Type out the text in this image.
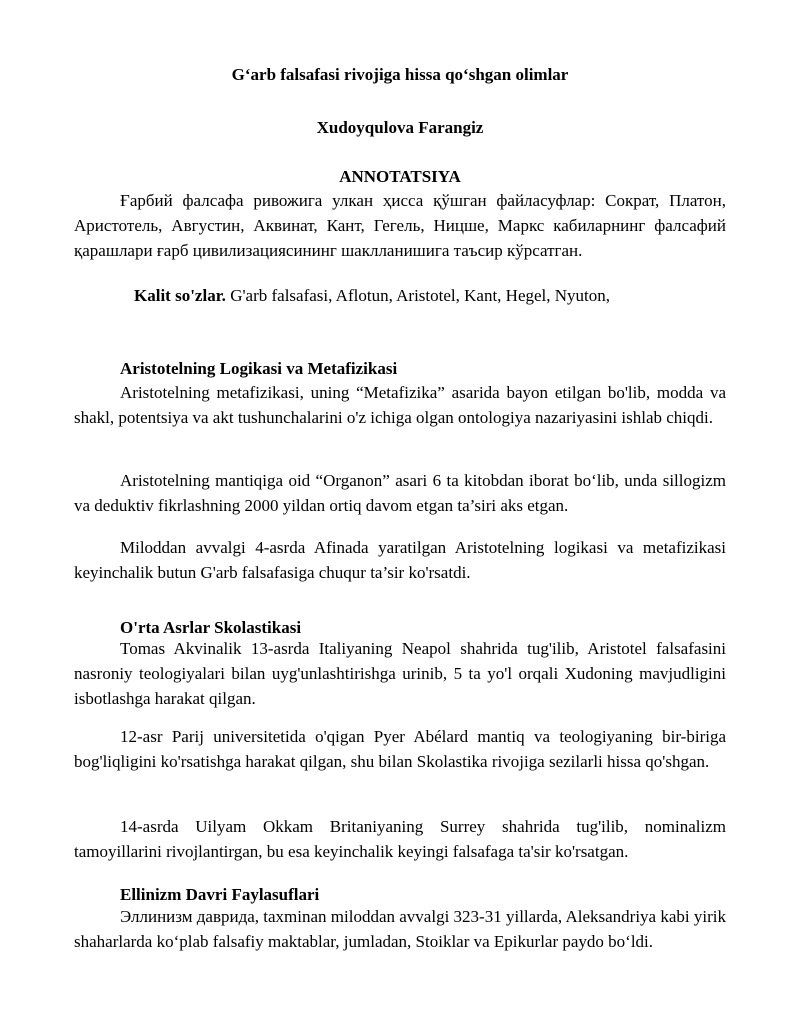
G‘arb falsafasi rivojiga hissa qo‘shgan olimlar
Xudoyqulova Farangiz
ANNOTATSIYA

Ғарбий фалсафа ривожига улкан ҳисса қўшган файласуфлар: Сократ, Платон, Аристотель, Августин, Аквинат, Кант, Гегель, Ницше, Маркс кабиларнинг фалсафий қарашлари ғарб цивилизациясининг шаклланишига таъсир кўрсатган.

Kalit so'zlar. G'arb falsafasi, Aflotun, Aristotel, Kant, Hegel, Nyuton,
Aristotelning Logikasi va Metafizikasi

Aristotelning metafizikasi, uning “Metafizika” asarida bayon etilgan bo'lib, modda va shakl, potentsiya va akt tushunchalarini o'z ichiga olgan ontologiya nazariyasini ishlab chiqdi.

Aristotelning mantiqiga oid “Organon” asari 6 ta kitobdan iborat bo‘lib, unda sillogizm va deduktiv fikrlashning 2000 yildan ortiq davom etgan ta’siri aks etgan.

Miloddan avvalgi 4-asrda Afinada yaratilgan Aristotelning logikasi va metafizikasi keyinchalik butun G'arb falsafasiga chuqur ta’sir ko'rsatdi.

O'rta Asrlar Skolastikasi

Tomas Akvinalik 13-asrda Italiyaning Neapol shahrida tug'ilib, Aristotel falsafasini nasroniy teologiyalari bilan uyg'unlashtirishga urinib, 5 ta yo'l orqali Xudoning mavjudligini isbotlashga harakat qilgan.

12-asr Parij universitetida o'qigan Pyer Abélard mantiq va teologiyaning bir-biriga bog'liqligini ko'rsatishga harakat qilgan, shu bilan Skolastika rivojiga sezilarli hissa qo'shgan.

14-asrda Uilyam Okkam Britaniyaning Surrey shahrida tug'ilib, nominalizm tamoyillarini rivojlantirgan, bu esa keyinchalik keyingi falsafaga ta'sir ko'rsatgan.

Ellinizm Davri Faylasuflari

Эллинизм даврида, taxminan miloddan avvalgi 323-31 yillarda, Aleksandriya kabi yirik shaharlarda ko‘plab falsafiy maktablar, jumladan, Stoiklar va Epikurlar paydo bo‘ldi.
